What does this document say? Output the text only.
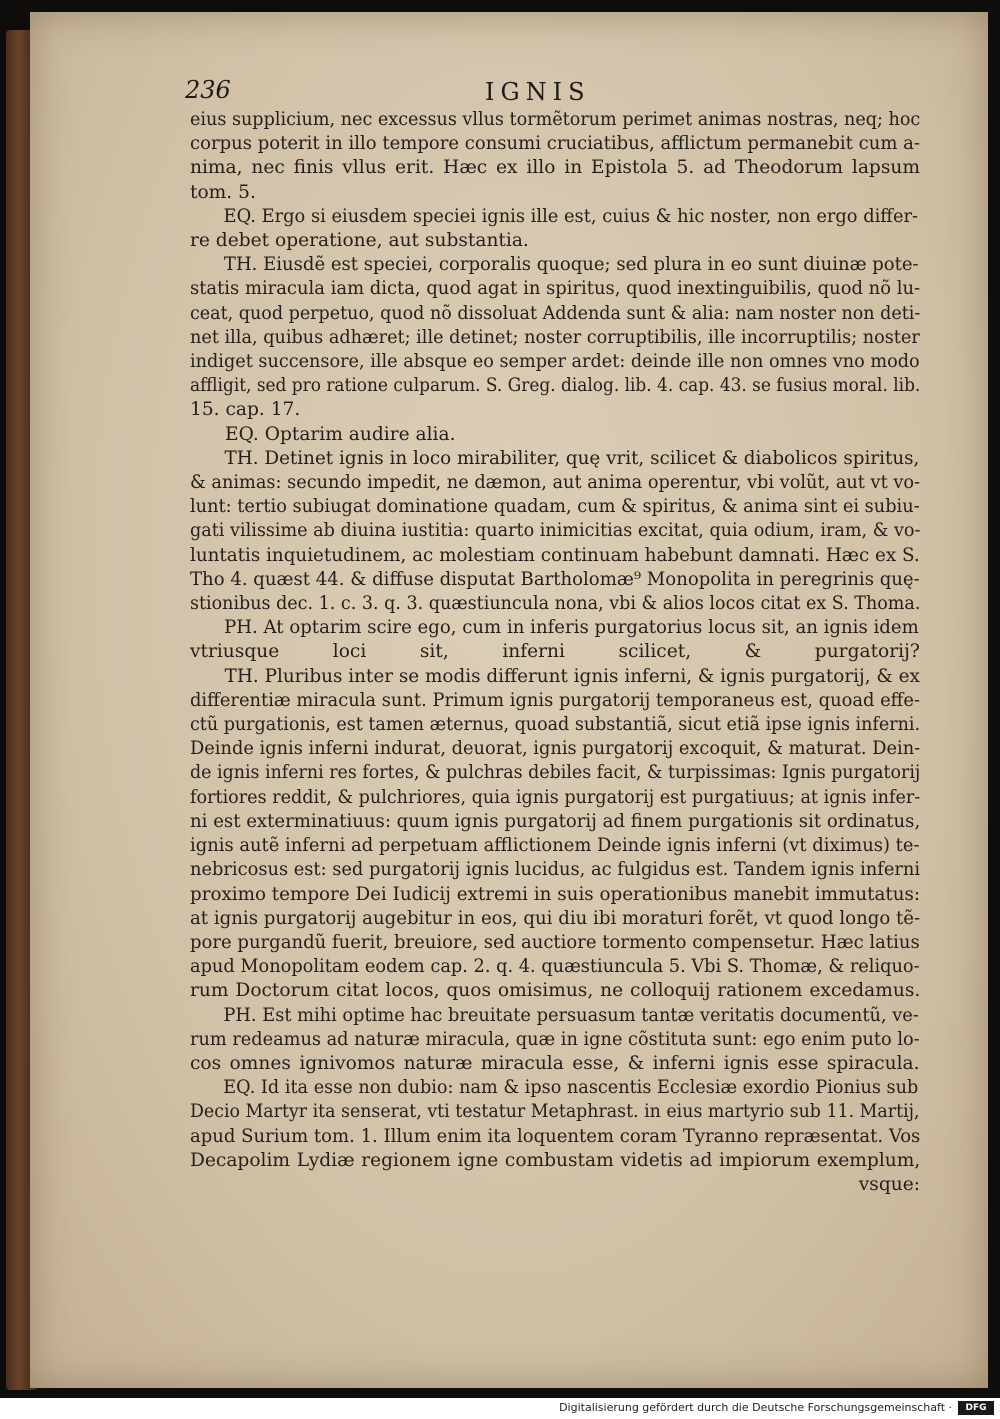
236	IGNIS
eius supplicium, nec excessus vllus tormẽtorum perimet animas nostras, neq; hoc
corpus poterit in illo tempore consumi cruciatibus, afflictum permanebit cum a-
nima, nec finis vllus erit. Hæc ex illo in Epistola 5. ad Theodorum lapsum
tom. 5.
EQ. Ergo si eiusdem speciei ignis ille est, cuius & hic noster, non ergo differ-
re debet operatione, aut substantia.
TH. Eiusdẽ est speciei, corporalis quoque; sed plura in eo sunt diuinæ pote-
statis miracula iam dicta, quod agat in spiritus, quod inextinguibilis, quod nõ lu-
ceat, quod perpetuo, quod nõ dissoluat Addenda sunt & alia: nam noster non deti-
net illa, quibus adhæret; ille detinet; noster corruptibilis, ille incorruptilis; noster
indiget succensore, ille absque eo semper ardet: deinde ille non omnes vno modo
affligit, sed pro ratione culparum. S. Greg. dialog. lib. 4. cap. 43. se fusius moral. lib.
15. cap. 17.
EQ. Optarim audire alia.
TH. Detinet ignis in loco mirabiliter, quę vrit, scilicet & diabolicos spiritus,
& animas: secundo impedit, ne dæmon, aut anima operentur, vbi volũt, aut vt vo-
lunt: tertio subiugat dominatione quadam, cum & spiritus, & anima sint ei subiu-
gati vilissime ab diuina iustitia: quarto inimicitias excitat, quia odium, iram, & vo-
luntatis inquietudinem, ac molestiam continuam habebunt damnati. Hæc ex S.
Tho 4. quæst 44. & diffuse disputat Bartholomæ⁹ Monopolita in peregrinis quę-
stionibus dec. 1. c. 3. q. 3. quæstiuncula nona, vbi & alios locos citat ex S. Thoma.
PH. At optarim scire ego, cum in inferis purgatorius locus sit, an ignis idem
vtriusque loci sit, inferni scilicet, & purgatorij?
TH. Pluribus inter se modis differunt ignis inferni, & ignis purgatorij, & ex
differentiæ miracula sunt. Primum ignis purgatorij temporaneus est, quoad effe-
ctũ purgationis, est tamen æternus, quoad substantiã, sicut etiã ipse ignis inferni.
Deinde ignis inferni indurat, deuorat, ignis purgatorij excoquit, & maturat. Dein-
de ignis inferni res fortes, & pulchras debiles facit, & turpissimas: Ignis purgatorij
fortiores reddit, & pulchriores, quia ignis purgatorij est purgatiuus; at ignis infer-
ni est exterminatiuus: quum ignis purgatorij ad finem purgationis sit ordinatus,
ignis autẽ inferni ad perpetuam afflictionem Deinde ignis inferni (vt diximus) te-
nebricosus est: sed purgatorij ignis lucidus, ac fulgidus est. Tandem ignis inferni
proximo tempore Dei Iudicij extremi in suis operationibus manebit immutatus:
at ignis purgatorij augebitur in eos, qui diu ibi moraturi forẽt, vt quod longo tẽ-
pore purgandũ fuerit, breuiore, sed auctiore tormento compensetur. Hæc latius
apud Monopolitam eodem cap. 2. q. 4. quæstiuncula 5. Vbi S. Thomæ, & reliquo-
rum Doctorum citat locos, quos omisimus, ne colloquij rationem excedamus.
PH. Est mihi optime hac breuitate persuasum tantæ veritatis documentũ, ve-
rum redeamus ad naturæ miracula, quæ in igne cõstituta sunt: ego enim puto lo-
cos omnes ignivomos naturæ miracula esse, & inferni ignis esse spiracula.
EQ. Id ita esse non dubio: nam & ipso nascentis Ecclesiæ exordio Pionius sub
Decio Martyr ita senserat, vti testatur Metaphrast. in eius martyrio sub 11. Martij,
apud Surium tom. 1. Illum enim ita loquentem coram Tyranno repræsentat. Vos
Decapolim Lydiæ regionem igne combustam videtis ad impiorum exemplum,
vsque:
Digitalisierung gefördert durch die Deutsche Forschungsgemeinschaft ·	DFG
